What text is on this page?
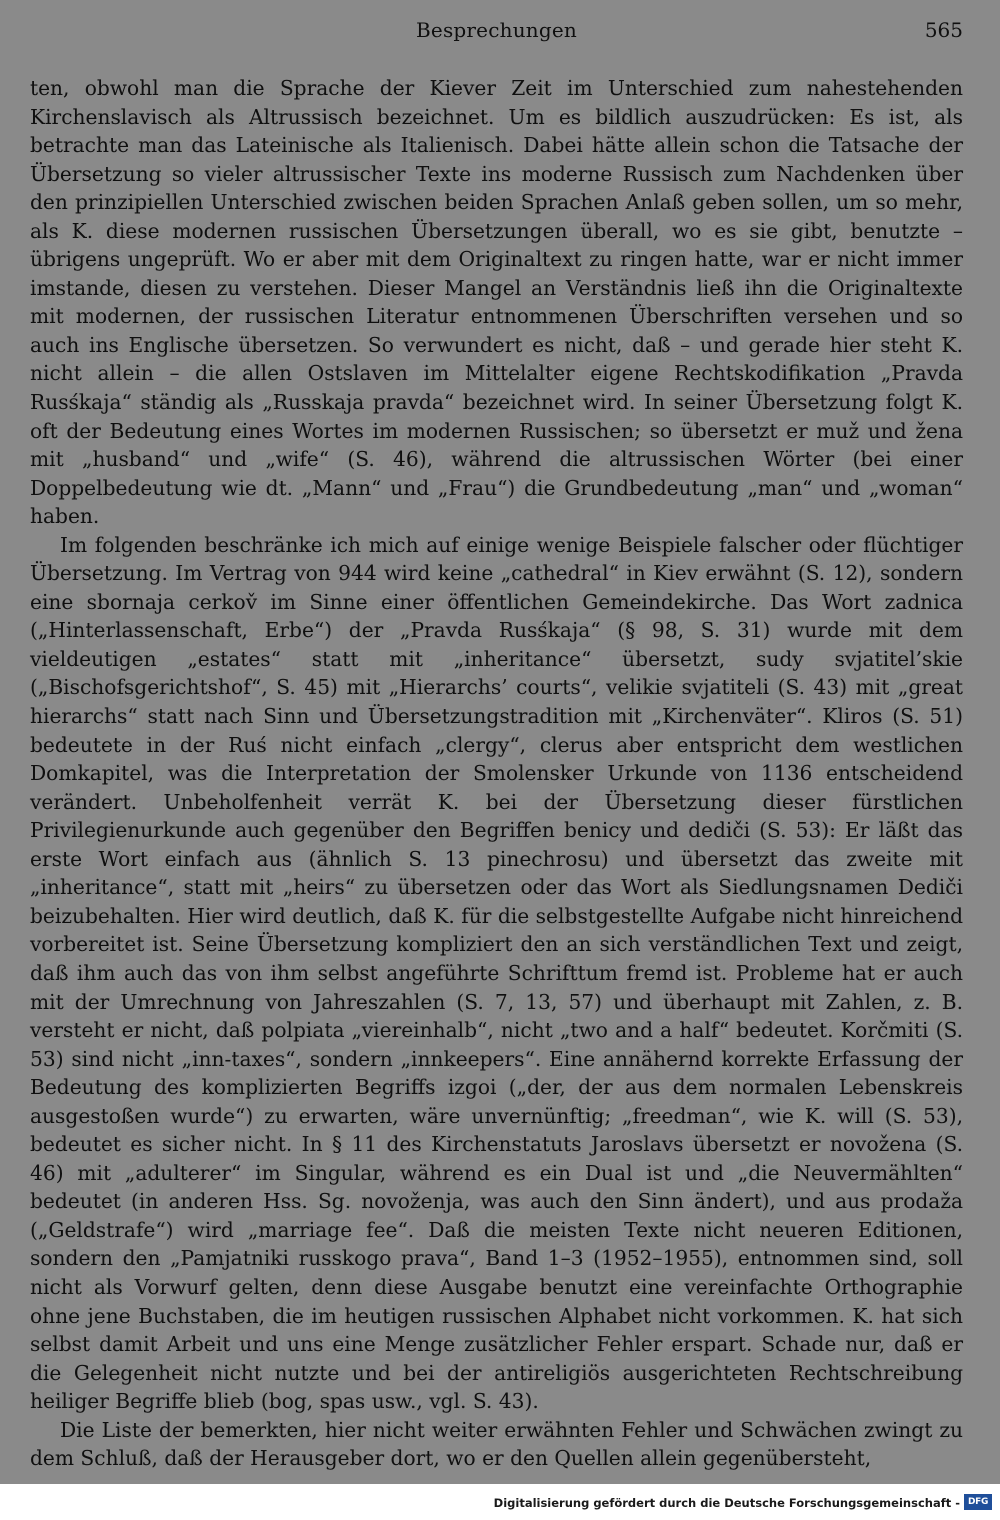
Besprechungen	565

ten, obwohl man die Sprache der Kiever Zeit im Unterschied zum nahestehenden Kirchenslavisch als Altrussisch bezeichnet. Um es bildlich auszudrücken: Es ist, als betrachte man das Lateinische als Italienisch. Dabei hätte allein schon die Tatsache der Übersetzung so vieler altrussischer Texte ins moderne Russisch zum Nachdenken über den prinzipiellen Unterschied zwischen beiden Sprachen Anlaß geben sollen, um so mehr, als K. diese modernen russischen Übersetzungen überall, wo es sie gibt, benutzte – übrigens ungeprüft. Wo er aber mit dem Originaltext zu ringen hatte, war er nicht immer imstande, diesen zu verstehen. Dieser Mangel an Verständnis ließ ihn die Originaltexte mit modernen, der russischen Literatur entnommenen Überschriften versehen und so auch ins Englische übersetzen. So verwundert es nicht, daß – und gerade hier steht K. nicht allein – die allen Ostslaven im Mittelalter eigene Rechtskodifikation „Pravda Rusśkaja“ ständig als „Russkaja pravda“ bezeichnet wird. In seiner Übersetzung folgt K. oft der Bedeutung eines Wortes im modernen Russischen; so übersetzt er muž und žena mit „husband“ und „wife“ (S. 46), während die altrussischen Wörter (bei einer Doppelbedeutung wie dt. „Mann“ und „Frau“) die Grundbedeutung „man“ und „woman“ haben.

Im folgenden beschränke ich mich auf einige wenige Beispiele falscher oder flüchtiger Übersetzung. Im Vertrag von 944 wird keine „cathedral“ in Kiev erwähnt (S. 12), sondern eine sbornaja cerkov̌ im Sinne einer öffentlichen Gemeindekirche. Das Wort zadnica („Hinterlassenschaft, Erbe“) der „Pravda Rusśkaja“ (§ 98, S. 31) wurde mit dem vieldeutigen „estates“ statt mit „inheritance“ übersetzt, sudy svjatitel’skie („Bischofsgerichtshof“, S. 45) mit „Hierarchs’ courts“, velikie svjatiteli (S. 43) mit „great hierarchs“ statt nach Sinn und Übersetzungstradition mit „Kirchenväter“. Kliros (S. 51) bedeutete in der Ruś nicht einfach „clergy“, clerus aber entspricht dem westlichen Domkapitel, was die Interpretation der Smolensker Urkunde von 1136 entscheidend verändert. Unbeholfenheit verrät K. bei der Übersetzung dieser fürstlichen Privilegienurkunde auch gegenüber den Begriffen benicy und dediči (S. 53): Er läßt das erste Wort einfach aus (ähnlich S. 13 pinechrosu) und übersetzt das zweite mit „inheritance“, statt mit „heirs“ zu übersetzen oder das Wort als Siedlungsnamen Dediči beizubehalten. Hier wird deutlich, daß K. für die selbstgestellte Aufgabe nicht hinreichend vorbereitet ist. Seine Übersetzung kompliziert den an sich verständlichen Text und zeigt, daß ihm auch das von ihm selbst angeführte Schrifttum fremd ist. Probleme hat er auch mit der Umrechnung von Jahreszahlen (S. 7, 13, 57) und überhaupt mit Zahlen, z. B. versteht er nicht, daß polpiata „viereinhalb“, nicht „two and a half“ bedeutet. Korčmiti (S. 53) sind nicht „inn-taxes“, sondern „innkeepers“. Eine annähernd korrekte Erfassung der Bedeutung des komplizierten Begriffs izgoi („der, der aus dem normalen Lebenskreis ausgestoßen wurde“) zu erwarten, wäre unvernünftig; „freedman“, wie K. will (S. 53), bedeutet es sicher nicht. In § 11 des Kirchenstatuts Jaroslavs übersetzt er novožena (S. 46) mit „adulterer“ im Singular, während es ein Dual ist und „die Neuvermählten“ bedeutet (in anderen Hss. Sg. novoženja, was auch den Sinn ändert), und aus prodaža („Geldstrafe“) wird „marriage fee“. Daß die meisten Texte nicht neueren Editionen, sondern den „Pamjatniki russkogo prava“, Band 1–3 (1952–1955), entnommen sind, soll nicht als Vorwurf gelten, denn diese Ausgabe benutzt eine vereinfachte Orthographie ohne jene Buchstaben, die im heutigen russischen Alphabet nicht vorkommen. K. hat sich selbst damit Arbeit und uns eine Menge zusätzlicher Fehler erspart. Schade nur, daß er die Gelegenheit nicht nutzte und bei der antireligiös ausgerichteten Rechtschreibung heiliger Begriffe blieb (bog, spas usw., vgl. S. 43).

Die Liste der bemerkten, hier nicht weiter erwähnten Fehler und Schwächen zwingt zu dem Schluß, daß der Herausgeber dort, wo er den Quellen allein gegenübersteht,

Digitalisierung gefördert durch die Deutsche Forschungsgemeinschaft - DFG
